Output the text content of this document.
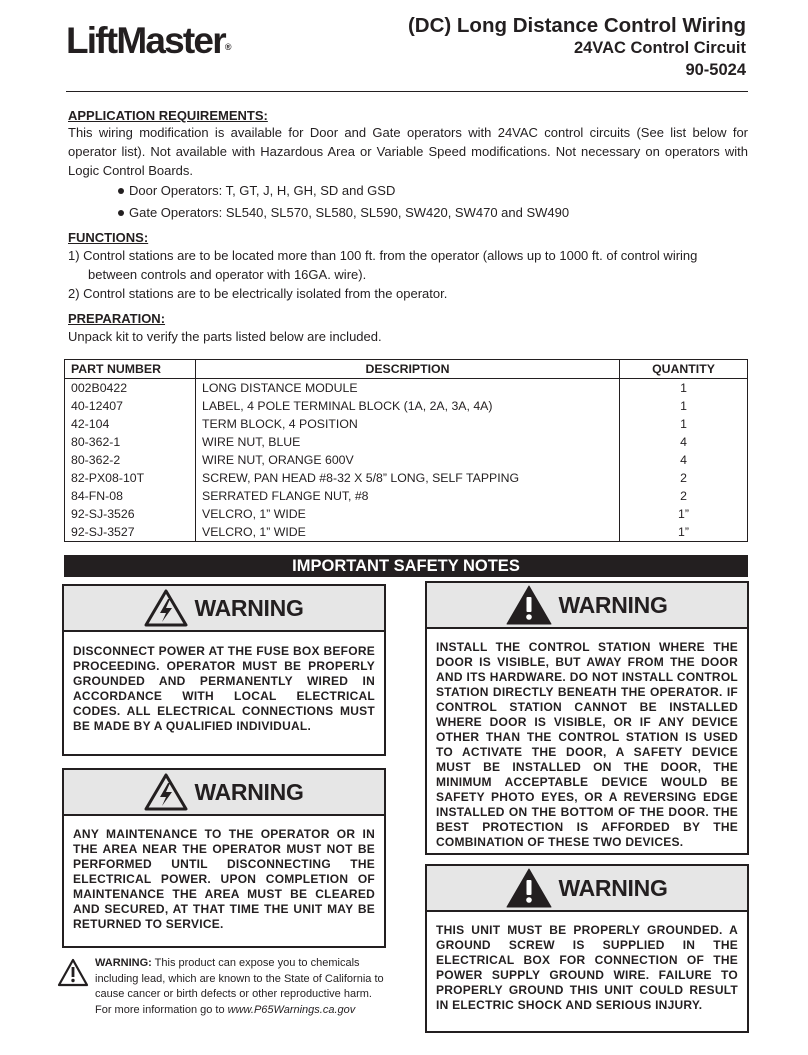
LiftMaster®
(DC) Long Distance Control Wiring
24VAC Control Circuit
90-5024
APPLICATION REQUIREMENTS:
This wiring modification is available for Door and Gate operators with 24VAC control circuits (See list below for operator list). Not available with Hazardous Area or Variable Speed modifications. Not necessary on operators with Logic Control Boards.
Door Operators: T, GT, J, H, GH, SD and GSD
Gate Operators: SL540, SL570, SL580, SL590, SW420, SW470 and SW490
FUNCTIONS:
1) Control stations are to be located more than 100 ft. from the operator (allows up to 1000 ft. of control wiring
between controls and operator with 16GA. wire).
2) Control stations are to be electrically isolated from the operator.
PREPARATION:
Unpack kit to verify the parts listed below are included.
PART NUMBER	DESCRIPTION	QUANTITY
002B0422	LONG DISTANCE MODULE	1
40-12407	LABEL, 4 POLE TERMINAL BLOCK (1A, 2A, 3A, 4A)	1
42-104	TERM BLOCK, 4 POSITION	1
80-362-1	WIRE NUT, BLUE	4
80-362-2	WIRE NUT, ORANGE 600V	4
82-PX08-10T	SCREW, PAN HEAD #8-32 X 5/8” LONG, SELF TAPPING	2
84-FN-08	SERRATED FLANGE NUT, #8	2
92-SJ-3526	VELCRO, 1” WIDE	1”
92-SJ-3527	VELCRO, 1” WIDE	1”
IMPORTANT SAFETY NOTES
WARNING
DISCONNECT POWER AT THE FUSE BOX BEFORE PROCEEDING. OPERATOR MUST BE PROPERLY GROUNDED AND PERMANENTLY WIRED IN ACCORDANCE WITH LOCAL ELECTRICAL CODES. ALL ELECTRICAL CONNECTIONS MUST BE MADE BY A QUALIFIED INDIVIDUAL.
WARNING
ANY MAINTENANCE TO THE OPERATOR OR IN THE AREA NEAR THE OPERATOR MUST NOT BE PERFORMED UNTIL DISCONNECTING THE ELECTRICAL POWER. UPON COMPLETION OF MAINTENANCE THE AREA MUST BE CLEARED AND SECURED, AT THAT TIME THE UNIT MAY BE RETURNED TO SERVICE.
WARNING
INSTALL THE CONTROL STATION WHERE THE DOOR IS VISIBLE, BUT AWAY FROM THE DOOR AND ITS HARDWARE. DO NOT INSTALL CONTROL STATION DIRECTLY BENEATH THE OPERATOR. IF CONTROL STATION CANNOT BE INSTALLED WHERE DOOR IS VISIBLE, OR IF ANY DEVICE OTHER THAN THE CONTROL STATION IS USED TO ACTIVATE THE DOOR, A SAFETY DEVICE MUST BE INSTALLED ON THE DOOR, THE MINIMUM ACCEPTABLE DEVICE WOULD BE SAFETY PHOTO EYES, OR A REVERSING EDGE INSTALLED ON THE BOTTOM OF THE DOOR. THE BEST PROTECTION IS AFFORDED BY THE COMBINATION OF THESE TWO DEVICES.
WARNING
THIS UNIT MUST BE PROPERLY GROUNDED. A GROUND SCREW IS SUPPLIED IN THE ELECTRICAL BOX FOR CONNECTION OF THE POWER SUPPLY GROUND WIRE. FAILURE TO PROPERLY GROUND THIS UNIT COULD RESULT IN ELECTRIC SHOCK AND SERIOUS INJURY.
WARNING: This product can expose you to chemicals
including lead, which are known to the State of California to
cause cancer or birth defects or other reproductive harm.
For more information go to www.P65Warnings.ca.gov
